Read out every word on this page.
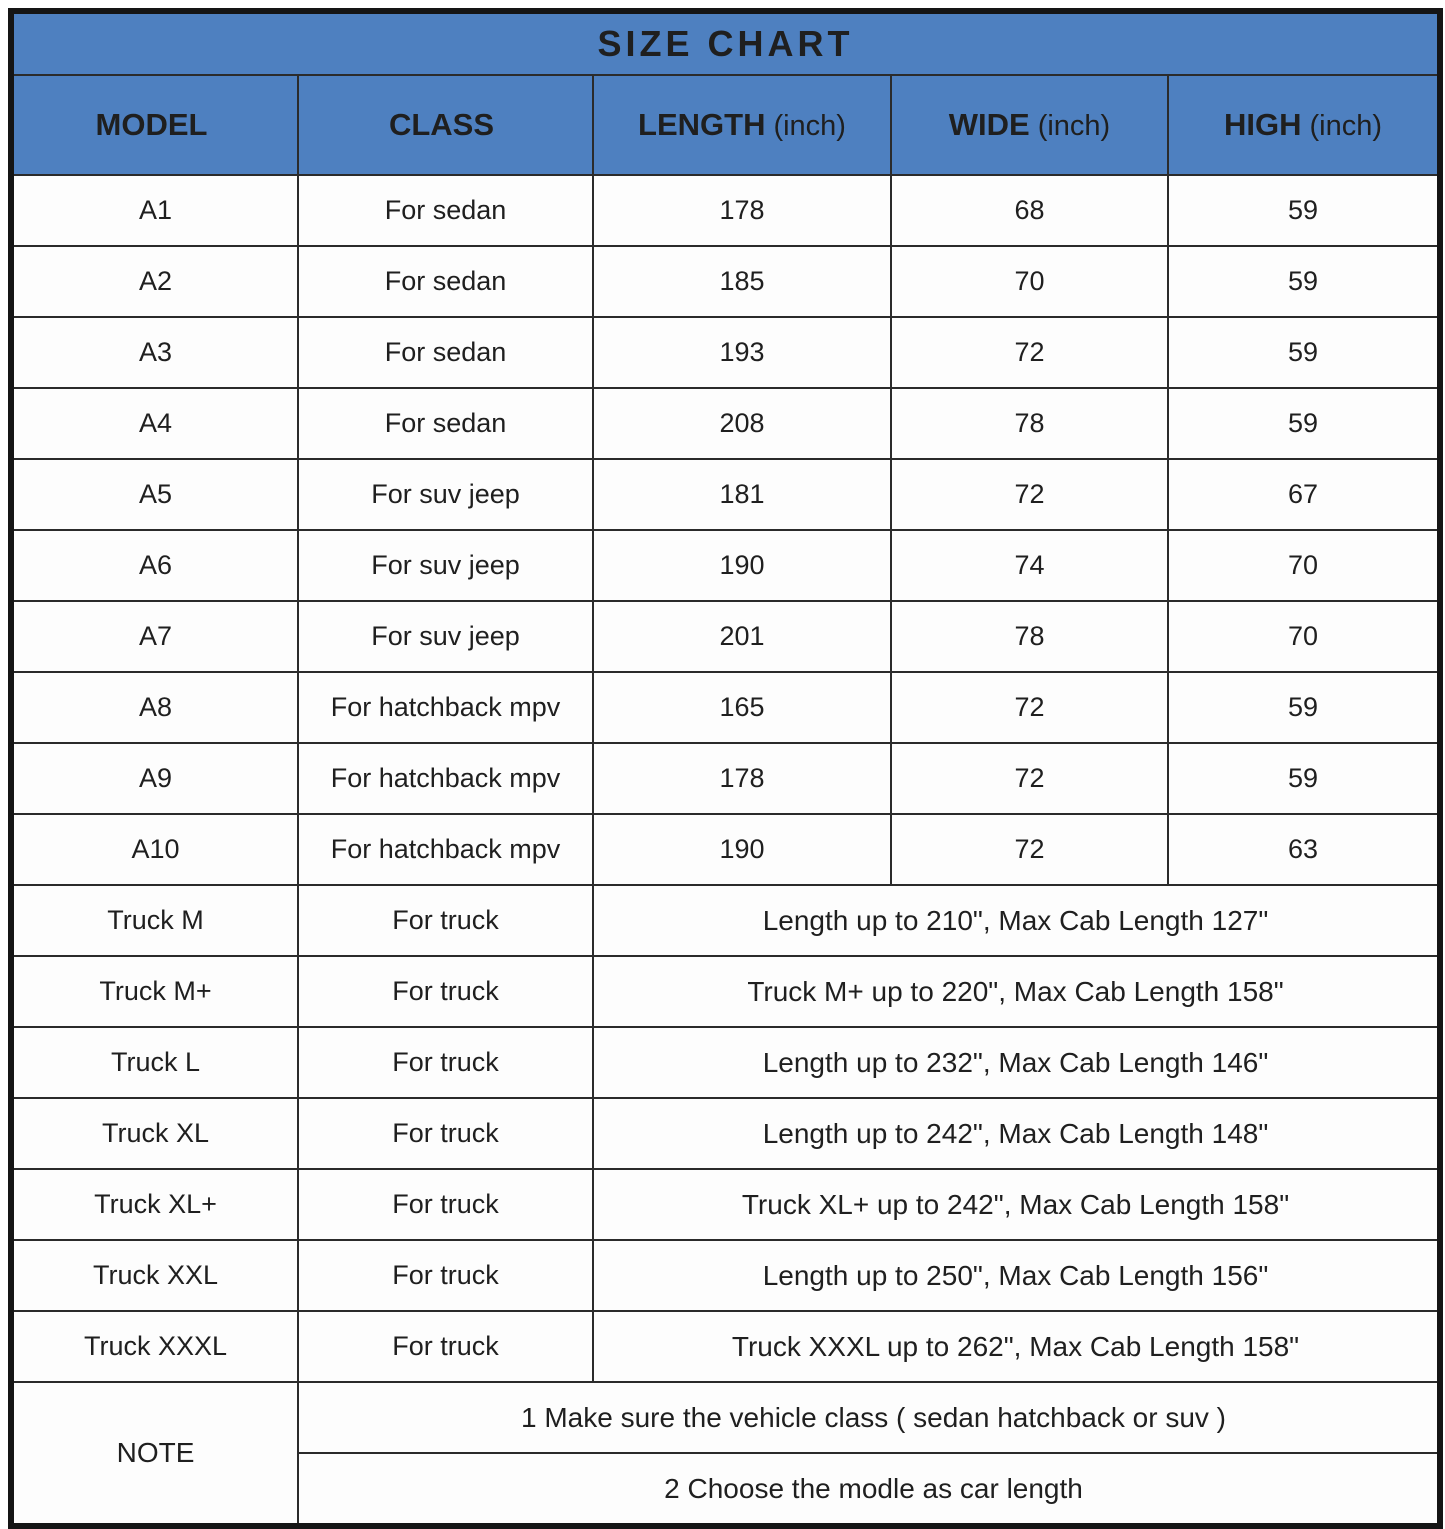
SIZE CHART				
MODEL	CLASS	LENGTH (inch)	WIDE (inch)	HIGH (inch)
A1	For sedan	178	68	59
A2	For sedan	185	70	59
A3	For sedan	193	72	59
A4	For sedan	208	78	59
A5	For suv jeep	181	72	67
A6	For suv jeep	190	74	70
A7	For suv jeep	201	78	70
A8	For hatchback mpv	165	72	59
A9	For hatchback mpv	178	72	59
A10	For hatchback mpv	190	72	63
Truck M	For truck	Length up to 210", Max Cab Length 127"		
Truck M+	For truck	Truck M+ up to 220", Max Cab Length 158"		
Truck L	For truck	Length up to 232", Max Cab Length 146"		
Truck XL	For truck	Length up to 242", Max Cab Length 148"		
Truck XL+	For truck	Truck XL+ up to 242", Max Cab Length 158"		
Truck XXL	For truck	Length up to 250", Max Cab Length 156"		
Truck XXXL	For truck	Truck XXXL up to 262", Max Cab Length 158"		
NOTE	1 Make sure the vehicle class ( sedan hatchback or suv )			
	2 Choose the modle as car length			
